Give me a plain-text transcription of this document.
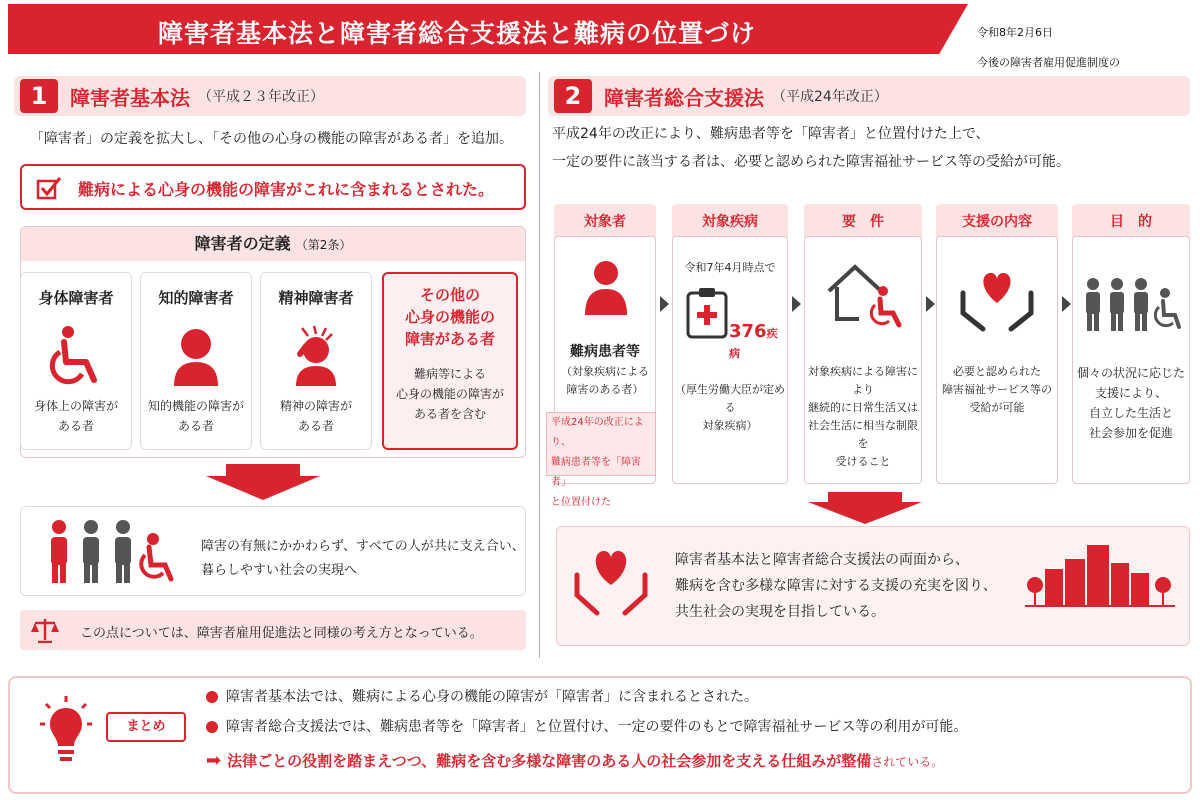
障害者基本法と障害者総合支援法と難病の位置づけ	令和8年2月6日

今後の障害者雇用促進制度の

1	障害者基本法 （平成２３年改正）
「障害者」の定義を拡大し、「その他の心身の機能の障害がある者」を追加。
難病による心身の機能の障害がこれに含まれるとされた。
障害者の定義 （第2条）
身体障害者
身体上の障害が
ある者
知的障害者
知的機能の障害が
ある者
精神障害者
精神の障害が
ある者
その他の
心身の機能の
障害がある者
難病等による
心身の機能の障害が
ある者を含む
障害の有無にかかわらず、すべての人が共に支え合い、
暮らしやすい社会の実現へ
この点については、障害者雇用促進法と同様の考え方となっている。
2	障害者総合支援法 （平成24年改正）
平成24年の改正により、難病患者等を「障害者」と位置付けた上で、
一定の要件に該当する者は、必要と認められた障害福祉サービス等の受給が可能。
対象者
難病患者等
（対象疾病による
障害のある者）
平成24年の改正により、
難病患者等を「障害者」
と位置付けた
対象疾病
令和7年4月時点で
376疾病
（厚生労働大臣が定める
対象疾病）
要　件
対象疾病による障害により
継続的に日常生活又は
社会生活に相当な制限を
受けること
支援の内容
必要と認められた
障害福祉サービス等の
受給が可能
目　的
個々の状況に応じた
支援により、
自立した生活と
社会参加を促進
障害者基本法と障害者総合支援法の両面から、
難病を含む多様な障害に対する支援の充実を図り、
共生社会の実現を目指している。
まとめ
障害者基本法では、難病による心身の機能の障害が「障害者」に含まれるとされた。
障害者総合支援法では、難病患者等を「障害者」と位置付け、一定の要件のもとで障害福祉サービス等の利用が可能。
➡ 法律ごとの役割を踏まえつつ、難病を含む多様な障害のある人の社会参加を支える仕組みが整備されている。
